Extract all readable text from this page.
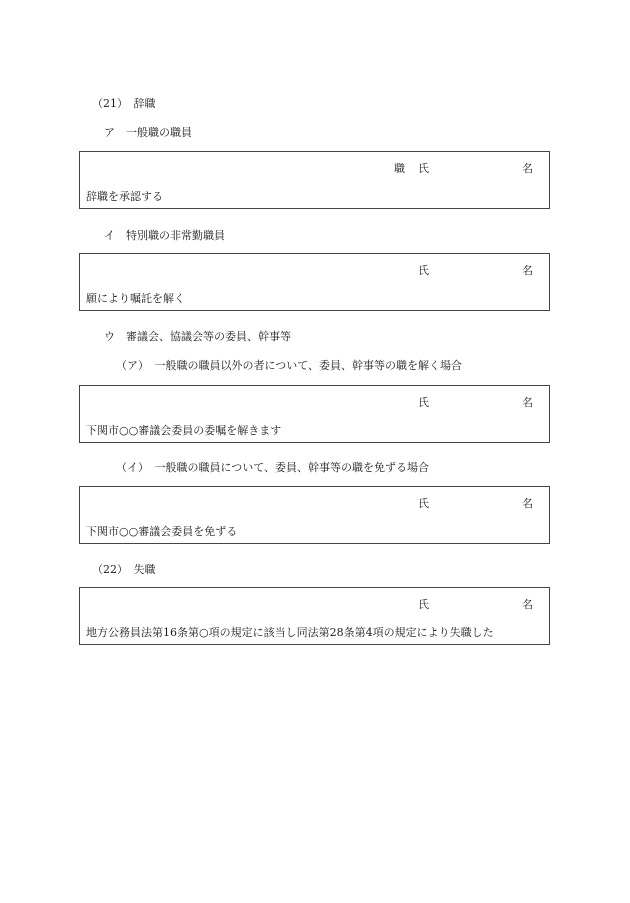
（21）　辞職
ア　一般職の職員
職 氏	名
辞職を承認する
イ　特別職の非常勤職員
氏	名
願により嘱託を解く
ウ　審議会、協議会等の委員、幹事等
（ア）　一般職の職員以外の者について、委員、幹事等の職を解く場合
氏	名
下関市○○審議会委員の委嘱を解きます
（イ）　一般職の職員について、委員、幹事等の職を免ずる場合
氏	名
下関市○○審議会委員を免ずる
（22）　失職
氏	名
地方公務員法第16条第○項の規定に該当し同法第28条第4項の規定により失職した
